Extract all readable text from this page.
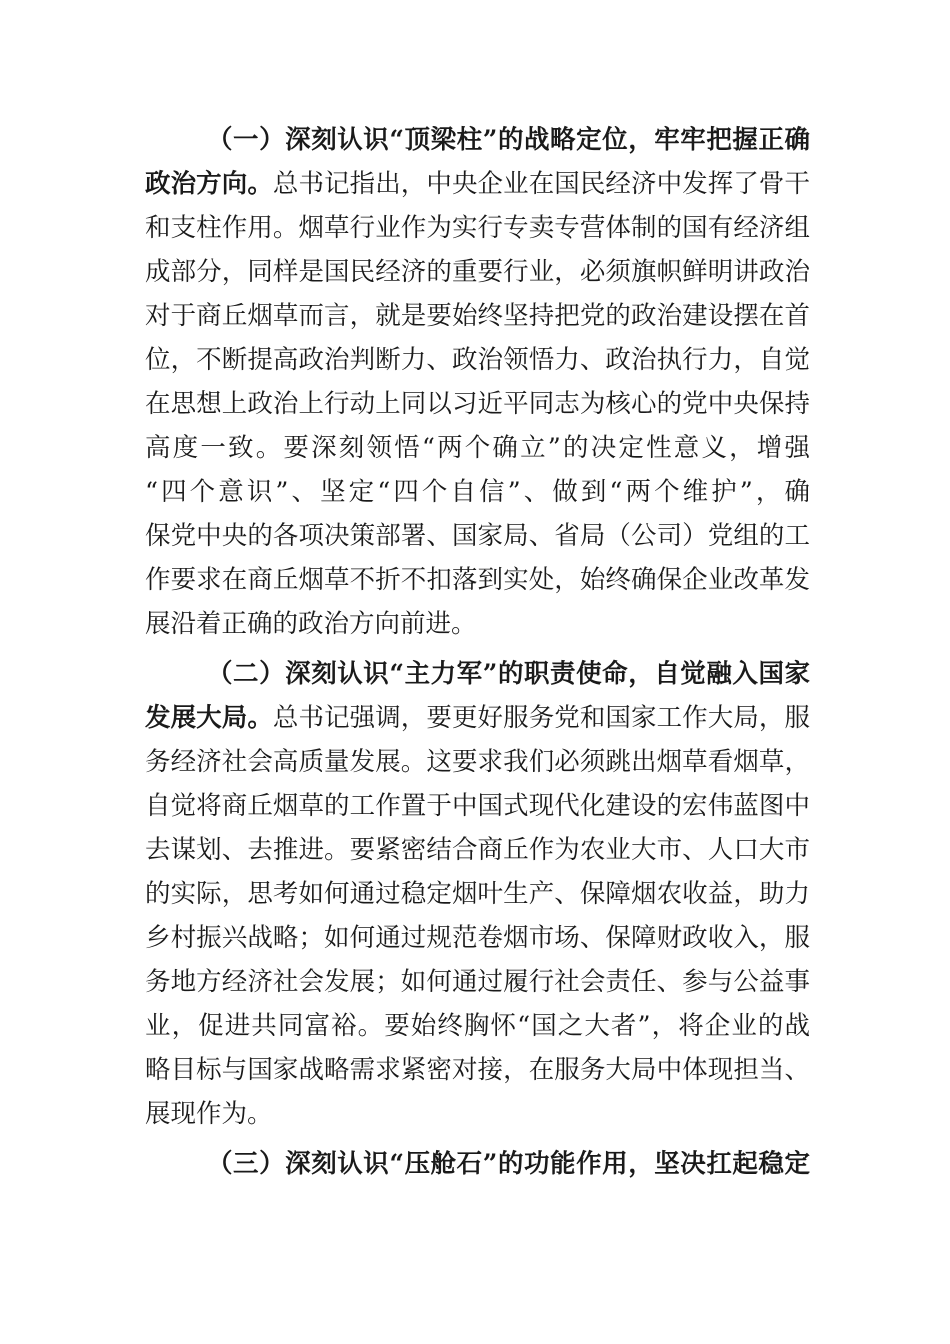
（一）深刻认识“顶梁柱”的战略定位，牢牢把握正确
政治方向。总书记指出，中央企业在国民经济中发挥了骨干
和支柱作用。烟草行业作为实行专卖专营体制的国有经济组
成部分，同样是国民经济的重要行业，必须旗帜鲜明讲政治
对于商丘烟草而言，就是要始终坚持把党的政治建设摆在首
位，不断提高政治判断力、政治领悟力、政治执行力，自觉
在思想上政治上行动上同以习近平同志为核心的党中央保持
高度一致。要深刻领悟“两个确立”的决定性意义，增强
“四个意识”、坚定“四个自信”、做到“两个维护”，确
保党中央的各项决策部署、国家局、省局（公司）党组的工
作要求在商丘烟草不折不扣落到实处，始终确保企业改革发
展沿着正确的政治方向前进。
（二）深刻认识“主力军”的职责使命，自觉融入国家
发展大局。总书记强调，要更好服务党和国家工作大局，服
务经济社会高质量发展。这要求我们必须跳出烟草看烟草，
自觉将商丘烟草的工作置于中国式现代化建设的宏伟蓝图中
去谋划、去推进。要紧密结合商丘作为农业大市、人口大市
的实际，思考如何通过稳定烟叶生产、保障烟农收益，助力
乡村振兴战略；如何通过规范卷烟市场、保障财政收入，服
务地方经济社会发展；如何通过履行社会责任、参与公益事
业，促进共同富裕。要始终胸怀“国之大者”，将企业的战
略目标与国家战略需求紧密对接，在服务大局中体现担当、
展现作为。
（三）深刻认识“压舱石”的功能作用，坚决扛起稳定
